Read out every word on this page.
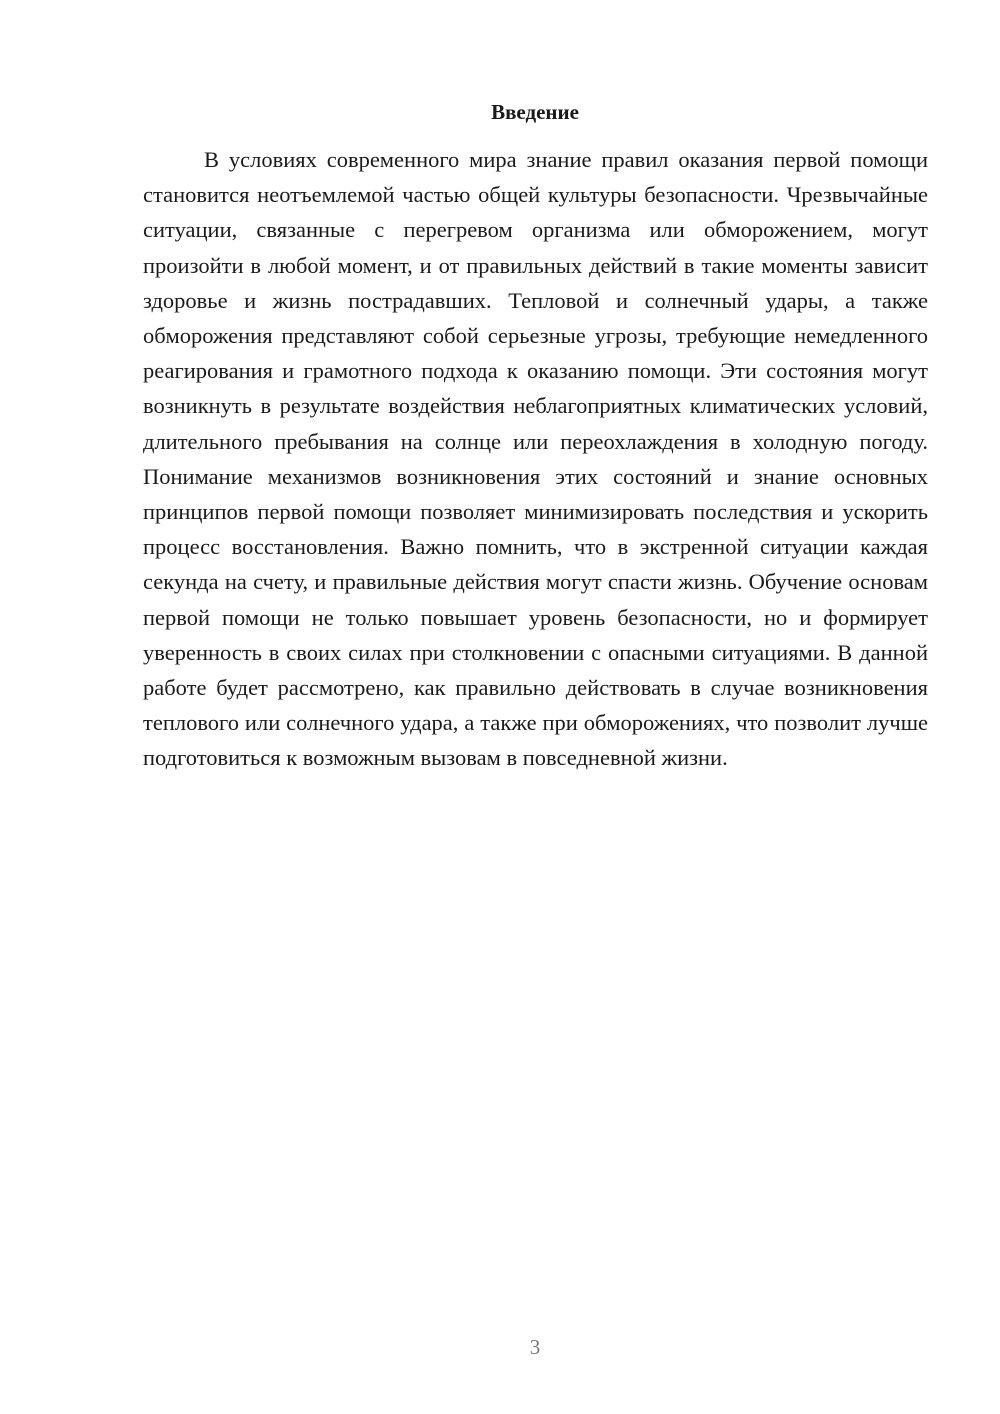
Введение

В условиях современного мира знание правил оказания первой помощи становится неотъемлемой частью общей культуры безопасности. Чрезвычайные ситуации, связанные с перегревом организма или обморожением, могут произойти в любой момент, и от правильных действий в такие моменты зависит здоровье и жизнь пострадавших. Тепловой и солнечный удары, а также обморожения представляют собой серьезные угрозы, требующие немедленного реагирования и грамотного подхода к оказанию помощи. Эти состояния могут возникнуть в результате воздействия неблагоприятных климатических условий, длительного пребывания на солнце или переохлаждения в холодную погоду. Понимание механизмов возникновения этих состояний и знание основных принципов первой помощи позволяет минимизировать последствия и ускорить процесс восстановления. Важно помнить, что в экстренной ситуации каждая секунда на счету, и правильные действия могут спасти жизнь. Обучение основам первой помощи не только повышает уровень безопасности, но и формирует уверенность в своих силах при столкновении с опасными ситуациями. В данной работе будет рассмотрено, как правильно действовать в случае возникновения теплового или солнечного удара, а также при обморожениях, что позволит лучше подготовиться к возможным вызовам в повседневной жизни.

3
